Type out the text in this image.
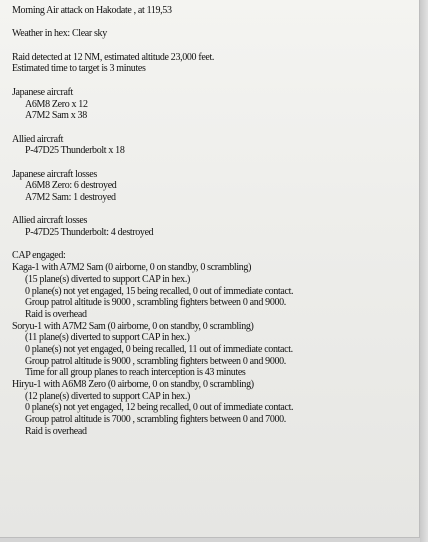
Morning Air attack on Hakodate , at 119,53
Weather in hex: Clear sky
Raid detected at 12 NM, estimated altitude 23,000 feet.
Estimated time to target is 3 minutes
Japanese aircraft
A6M8 Zero x 12
A7M2 Sam x 38
Allied aircraft
P-47D25 Thunderbolt x 18
Japanese aircraft losses
A6M8 Zero: 6 destroyed
A7M2 Sam: 1 destroyed
Allied aircraft losses
P-47D25 Thunderbolt: 4 destroyed
CAP engaged:
Kaga-1 with A7M2 Sam (0 airborne, 0 on standby, 0 scrambling)
(15 plane(s) diverted to support CAP in hex.)
0 plane(s) not yet engaged, 15 being recalled, 0 out of immediate contact.
Group patrol altitude is 9000 , scrambling fighters between 0 and 9000.
Raid is overhead
Soryu-1 with A7M2 Sam (0 airborne, 0 on standby, 0 scrambling)
(11 plane(s) diverted to support CAP in hex.)
0 plane(s) not yet engaged, 0 being recalled, 11 out of immediate contact.
Group patrol altitude is 9000 , scrambling fighters between 0 and 9000.
Time for all group planes to reach interception is 43 minutes
Hiryu-1 with A6M8 Zero (0 airborne, 0 on standby, 0 scrambling)
(12 plane(s) diverted to support CAP in hex.)
0 plane(s) not yet engaged, 12 being recalled, 0 out of immediate contact.
Group patrol altitude is 7000 , scrambling fighters between 0 and 7000.
Raid is overhead
